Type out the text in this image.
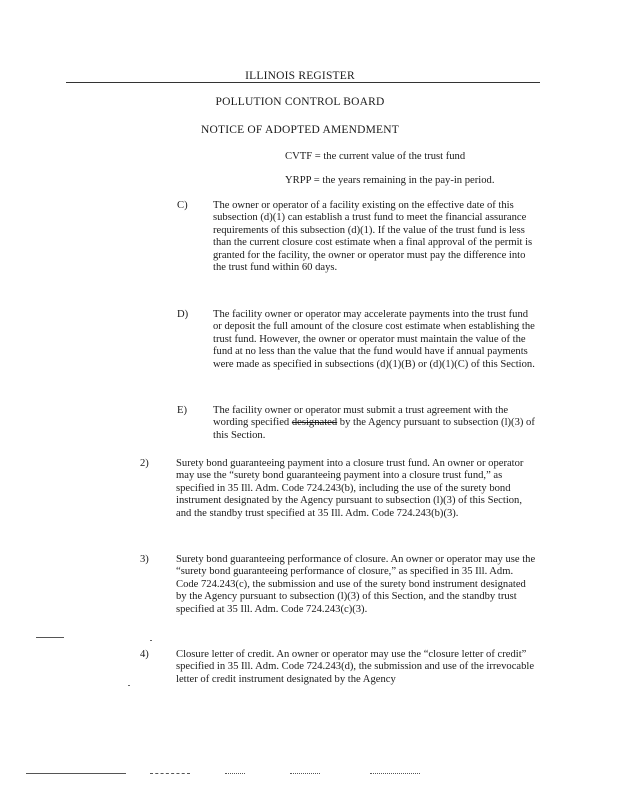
ILLINOIS REGISTER
POLLUTION CONTROL BOARD
NOTICE OF ADOPTED AMENDMENT
CVTF = the current value of the trust fund
YRPP = the years remaining in the pay-in period.
C) The owner or operator of a facility existing on the effective date of this subsection (d)(1) can establish a trust fund to meet the financial assurance requirements of this subsection (d)(1). If the value of the trust fund is less than the current closure cost estimate when a final approval of the permit is granted for the facility, the owner or operator must pay the difference into the trust fund within 60 days.

D) The facility owner or operator may accelerate payments into the trust fund or deposit the full amount of the closure cost estimate when establishing the trust fund. However, the owner or operator must maintain the value of the fund at no less than the value that the fund would have if annual payments were made as specified in subsections (d)(1)(B) or (d)(1)(C) of this Section.

E) The facility owner or operator must submit a trust agreement with the wording specified designated by the Agency pursuant to subsection (l)(3) of this Section.

2)	Surety bond guaranteeing payment into a closure trust fund. An owner or operator may use the “surety bond guaranteeing payment into a closure trust fund,” as specified in 35 Ill. Adm. Code 724.243(b), including the use of the surety bond instrument designated by the Agency pursuant to subsection (l)(3) of this Section, and the standby trust specified at 35 Ill. Adm. Code 724.243(b)(3).

3)	Surety bond guaranteeing performance of closure. An owner or operator may use the “surety bond guaranteeing performance of closure,” as specified in 35 Ill. Adm. Code 724.243(c), the submission and use of the surety bond instrument designated by the Agency pursuant to subsection (l)(3) of this Section, and the standby trust specified at 35 Ill. Adm. Code 724.243(c)(3).

4)	Closure letter of credit. An owner or operator may use the “closure letter of credit” specified in 35 Ill. Adm. Code 724.243(d), the submission and use of the irrevocable letter of credit instrument designated by the Agency
